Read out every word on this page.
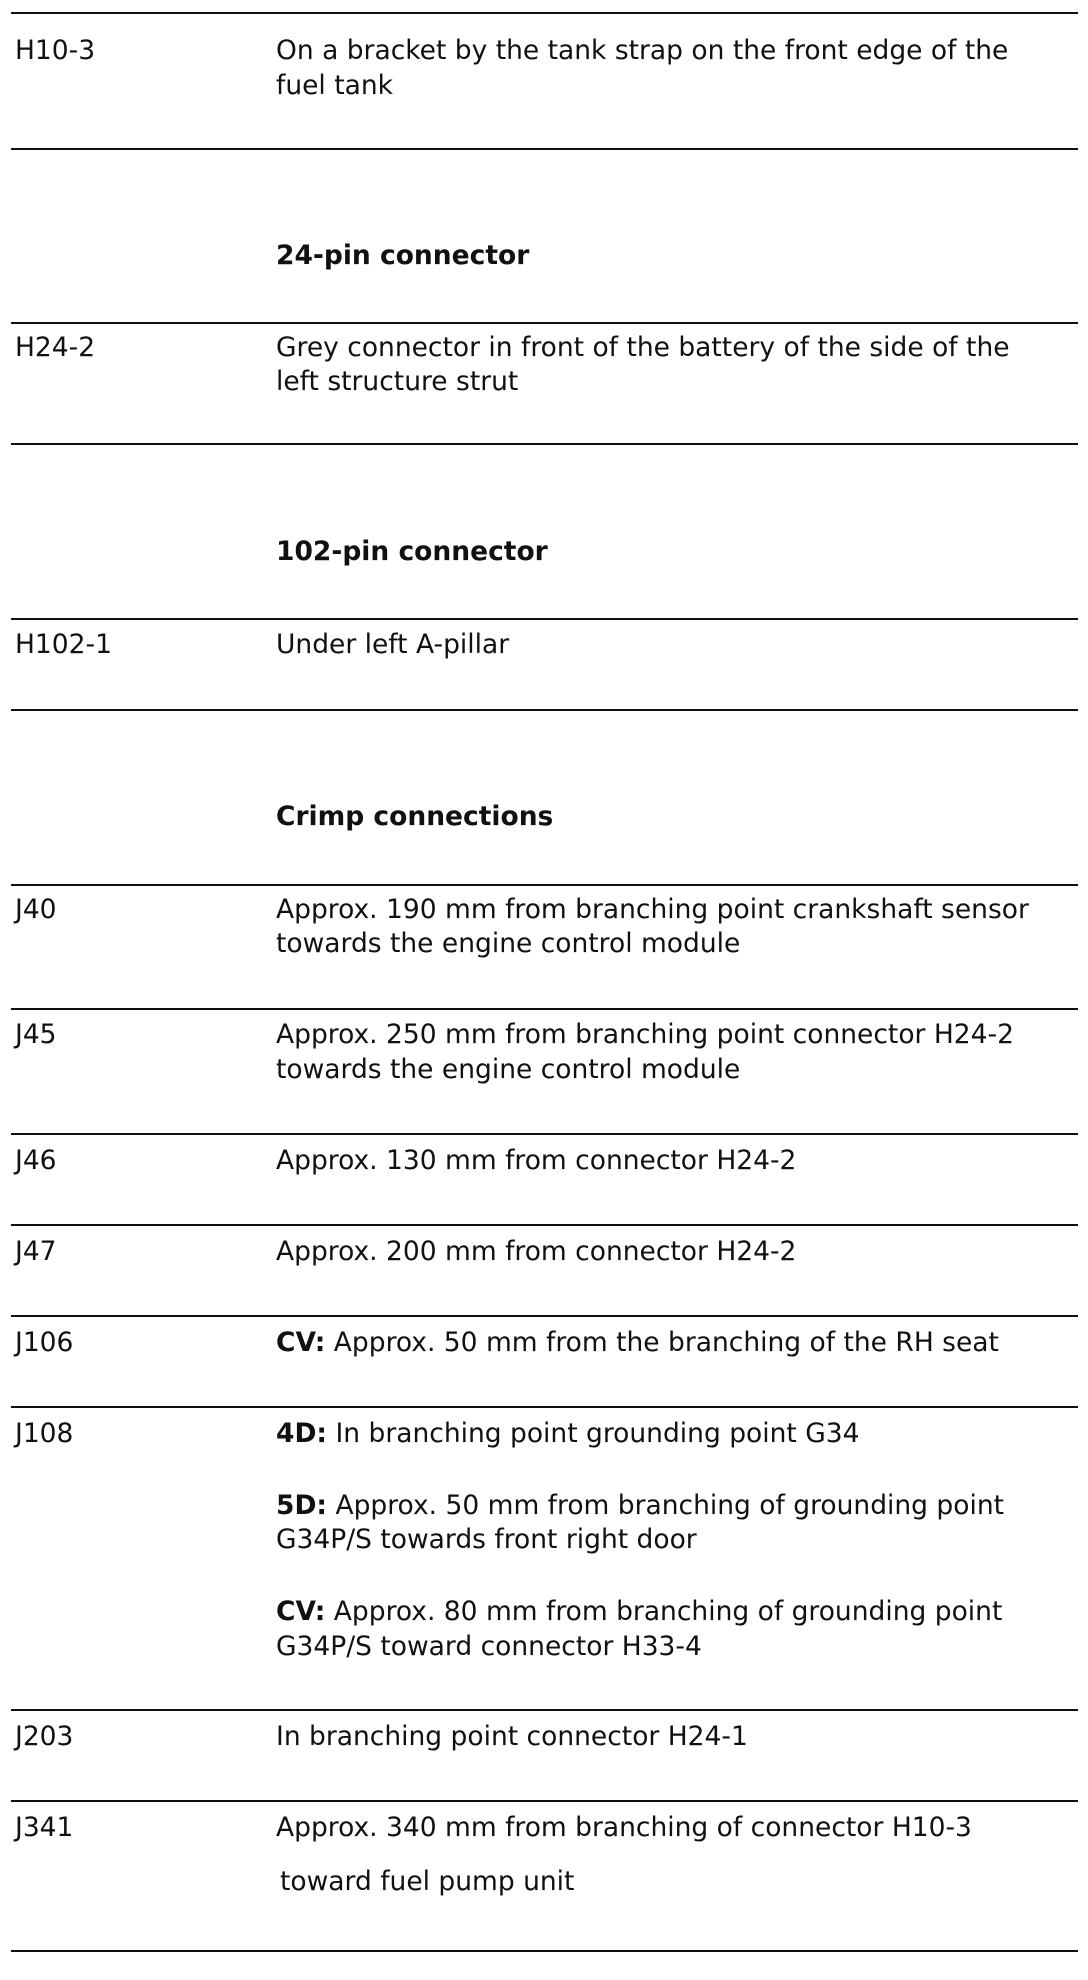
H10-3	On a bracket by the tank strap on the front edge of the
fuel tank
24-pin connector
H24-2	Grey connector in front of the battery of the side of the
left structure strut
102-pin connector
H102-1	Under left A-pillar
Crimp connections
J40	Approx. 190 mm from branching point crankshaft sensor
towards the engine control module
J45	Approx. 250 mm from branching point connector H24-2
towards the engine control module
J46	Approx. 130 mm from connector H24-2
J47	Approx. 200 mm from connector H24-2
J106	CV: Approx. 50 mm from the branching of the RH seat
J108	4D: In branching point grounding point G34
5D: Approx. 50 mm from branching of grounding point
G34P/S towards front right door
CV: Approx. 80 mm from branching of grounding point
G34P/S toward connector H33-4
J203	In branching point connector H24-1
J341	Approx. 340 mm from branching of connector H10-3
toward fuel pump unit
